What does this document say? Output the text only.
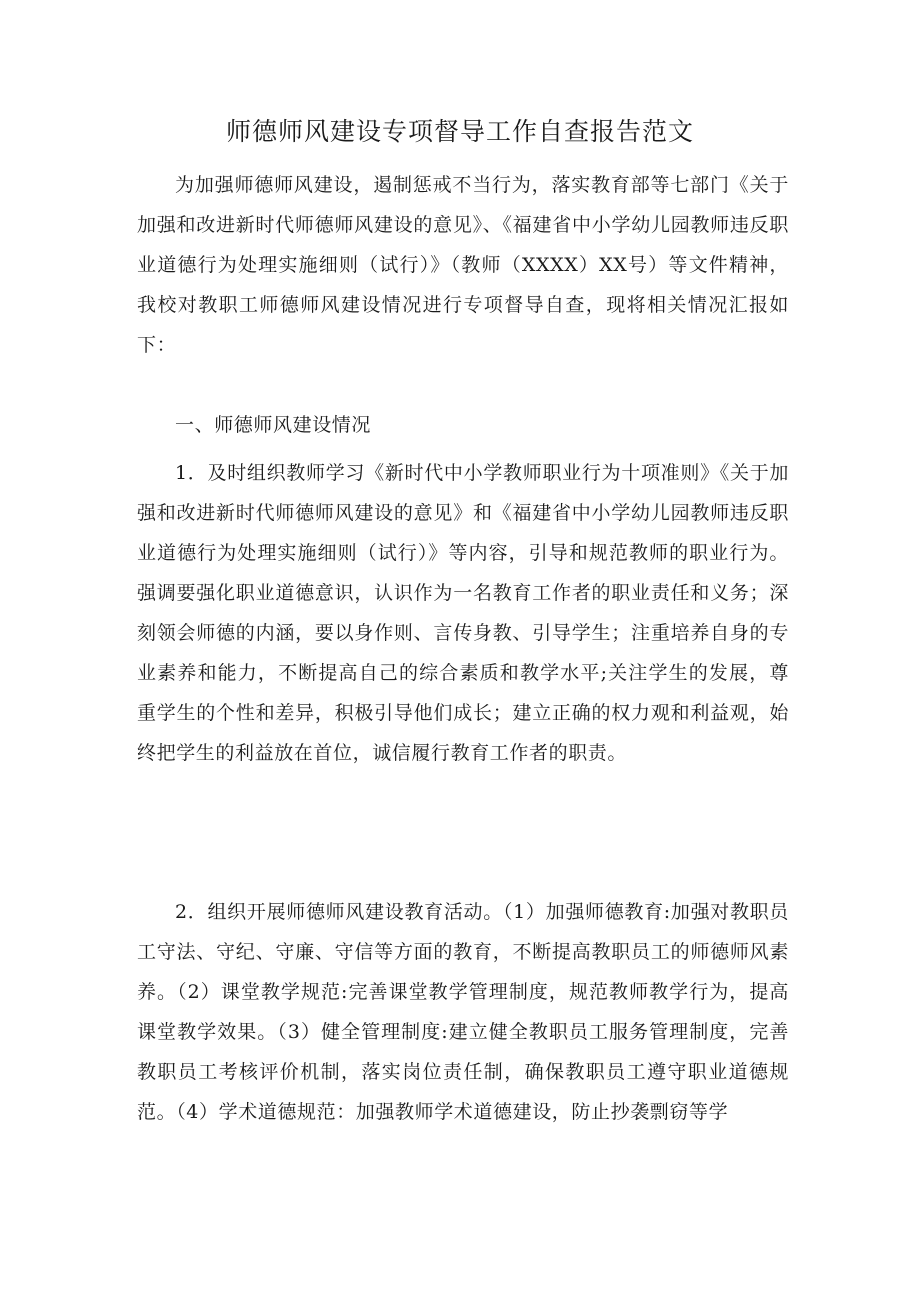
师德师风建设专项督导工作自查报告范文

为加强师德师风建设，遏制惩戒不当行为，落实教育部等七部门《关于加强和改进新时代师德师风建设的意见》、《福建省中小学幼儿园教师违反职业道德行为处理实施细则（试行）》（教师（XXXX）XX号）等文件精神，我校对教职工师德师风建设情况进行专项督导自查，现将相关情况汇报如下：

一、师德师风建设情况

1．及时组织教师学习《新时代中小学教师职业行为十项准则》《关于加强和改进新时代师德师风建设的意见》和《福建省中小学幼儿园教师违反职业道德行为处理实施细则（试行）》等内容，引导和规范教师的职业行为。强调要强化职业道德意识，认识作为一名教育工作者的职业责任和义务；深刻领会师德的内涵，要以身作则、言传身教、引导学生；注重培养自身的专业素养和能力，不断提高自己的综合素质和教学水平;关注学生的发展，尊重学生的个性和差异，积极引导他们成长；建立正确的权力观和利益观，始终把学生的利益放在首位，诚信履行教育工作者的职责。

2．组织开展师德师风建设教育活动。（1）加强师德教育:加强对教职员工守法、守纪、守廉、守信等方面的教育，不断提高教职员工的师德师风素养。（2）课堂教学规范:完善课堂教学管理制度，规范教师教学行为，提高课堂教学效果。（3）健全管理制度:建立健全教职员工服务管理制度，完善教职员工考核评价机制，落实岗位责任制，确保教职员工遵守职业道德规范。（4）学术道德规范：加强教师学术道德建设，防止抄袭剽窃等学
